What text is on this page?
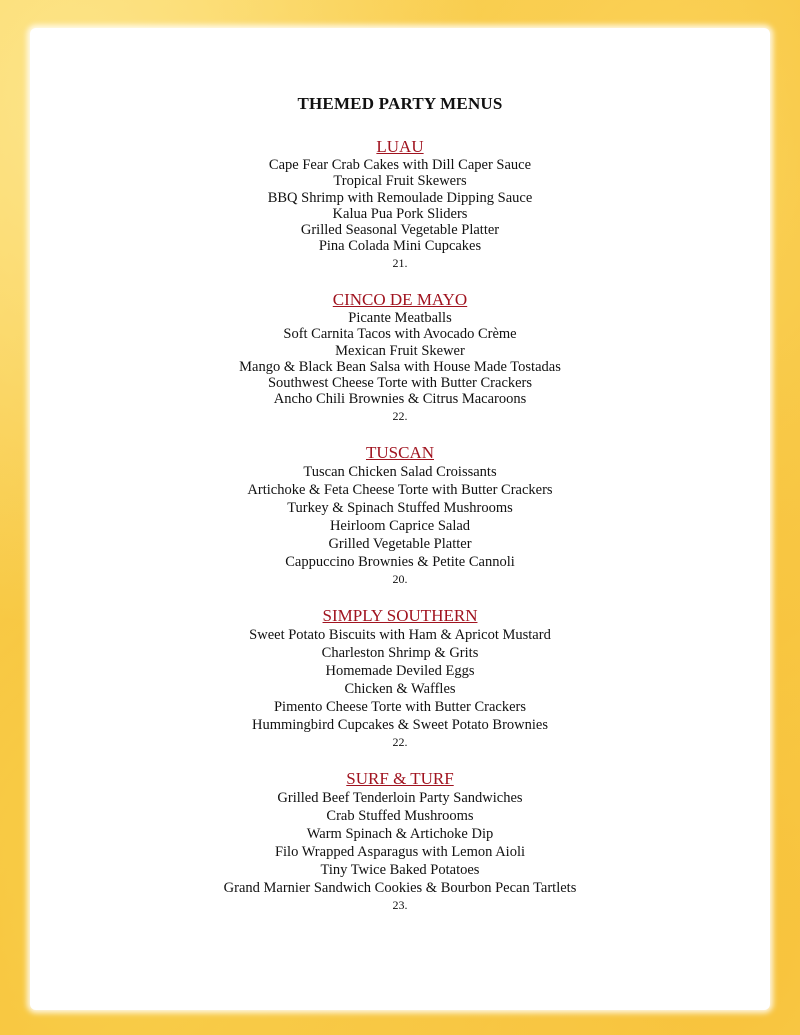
THEMED PARTY MENUS
LUAU
Cape Fear Crab Cakes with Dill Caper Sauce
Tropical Fruit Skewers
BBQ Shrimp with Remoulade Dipping Sauce
Kalua Pua Pork Sliders
Grilled Seasonal Vegetable Platter
Pina Colada Mini Cupcakes
21.
CINCO DE MAYO
Picante Meatballs
Soft Carnita Tacos with Avocado Crème
Mexican Fruit Skewer
Mango & Black Bean Salsa with House Made Tostadas
Southwest Cheese Torte with Butter Crackers
Ancho Chili Brownies & Citrus Macaroons
22.
TUSCAN
Tuscan Chicken Salad Croissants
Artichoke & Feta Cheese Torte with Butter Crackers
Turkey & Spinach Stuffed Mushrooms
Heirloom Caprice Salad
Grilled Vegetable Platter
Cappuccino Brownies & Petite Cannoli
20.
SIMPLY SOUTHERN
Sweet Potato Biscuits with Ham & Apricot Mustard
Charleston Shrimp & Grits
Homemade Deviled Eggs
Chicken & Waffles
Pimento Cheese Torte with Butter Crackers
Hummingbird Cupcakes & Sweet Potato Brownies
22.
SURF & TURF
Grilled Beef Tenderloin Party Sandwiches
Crab Stuffed Mushrooms
Warm Spinach & Artichoke Dip
Filo Wrapped Asparagus with Lemon Aioli
Tiny Twice Baked Potatoes
Grand Marnier Sandwich Cookies & Bourbon Pecan Tartlets
23.
